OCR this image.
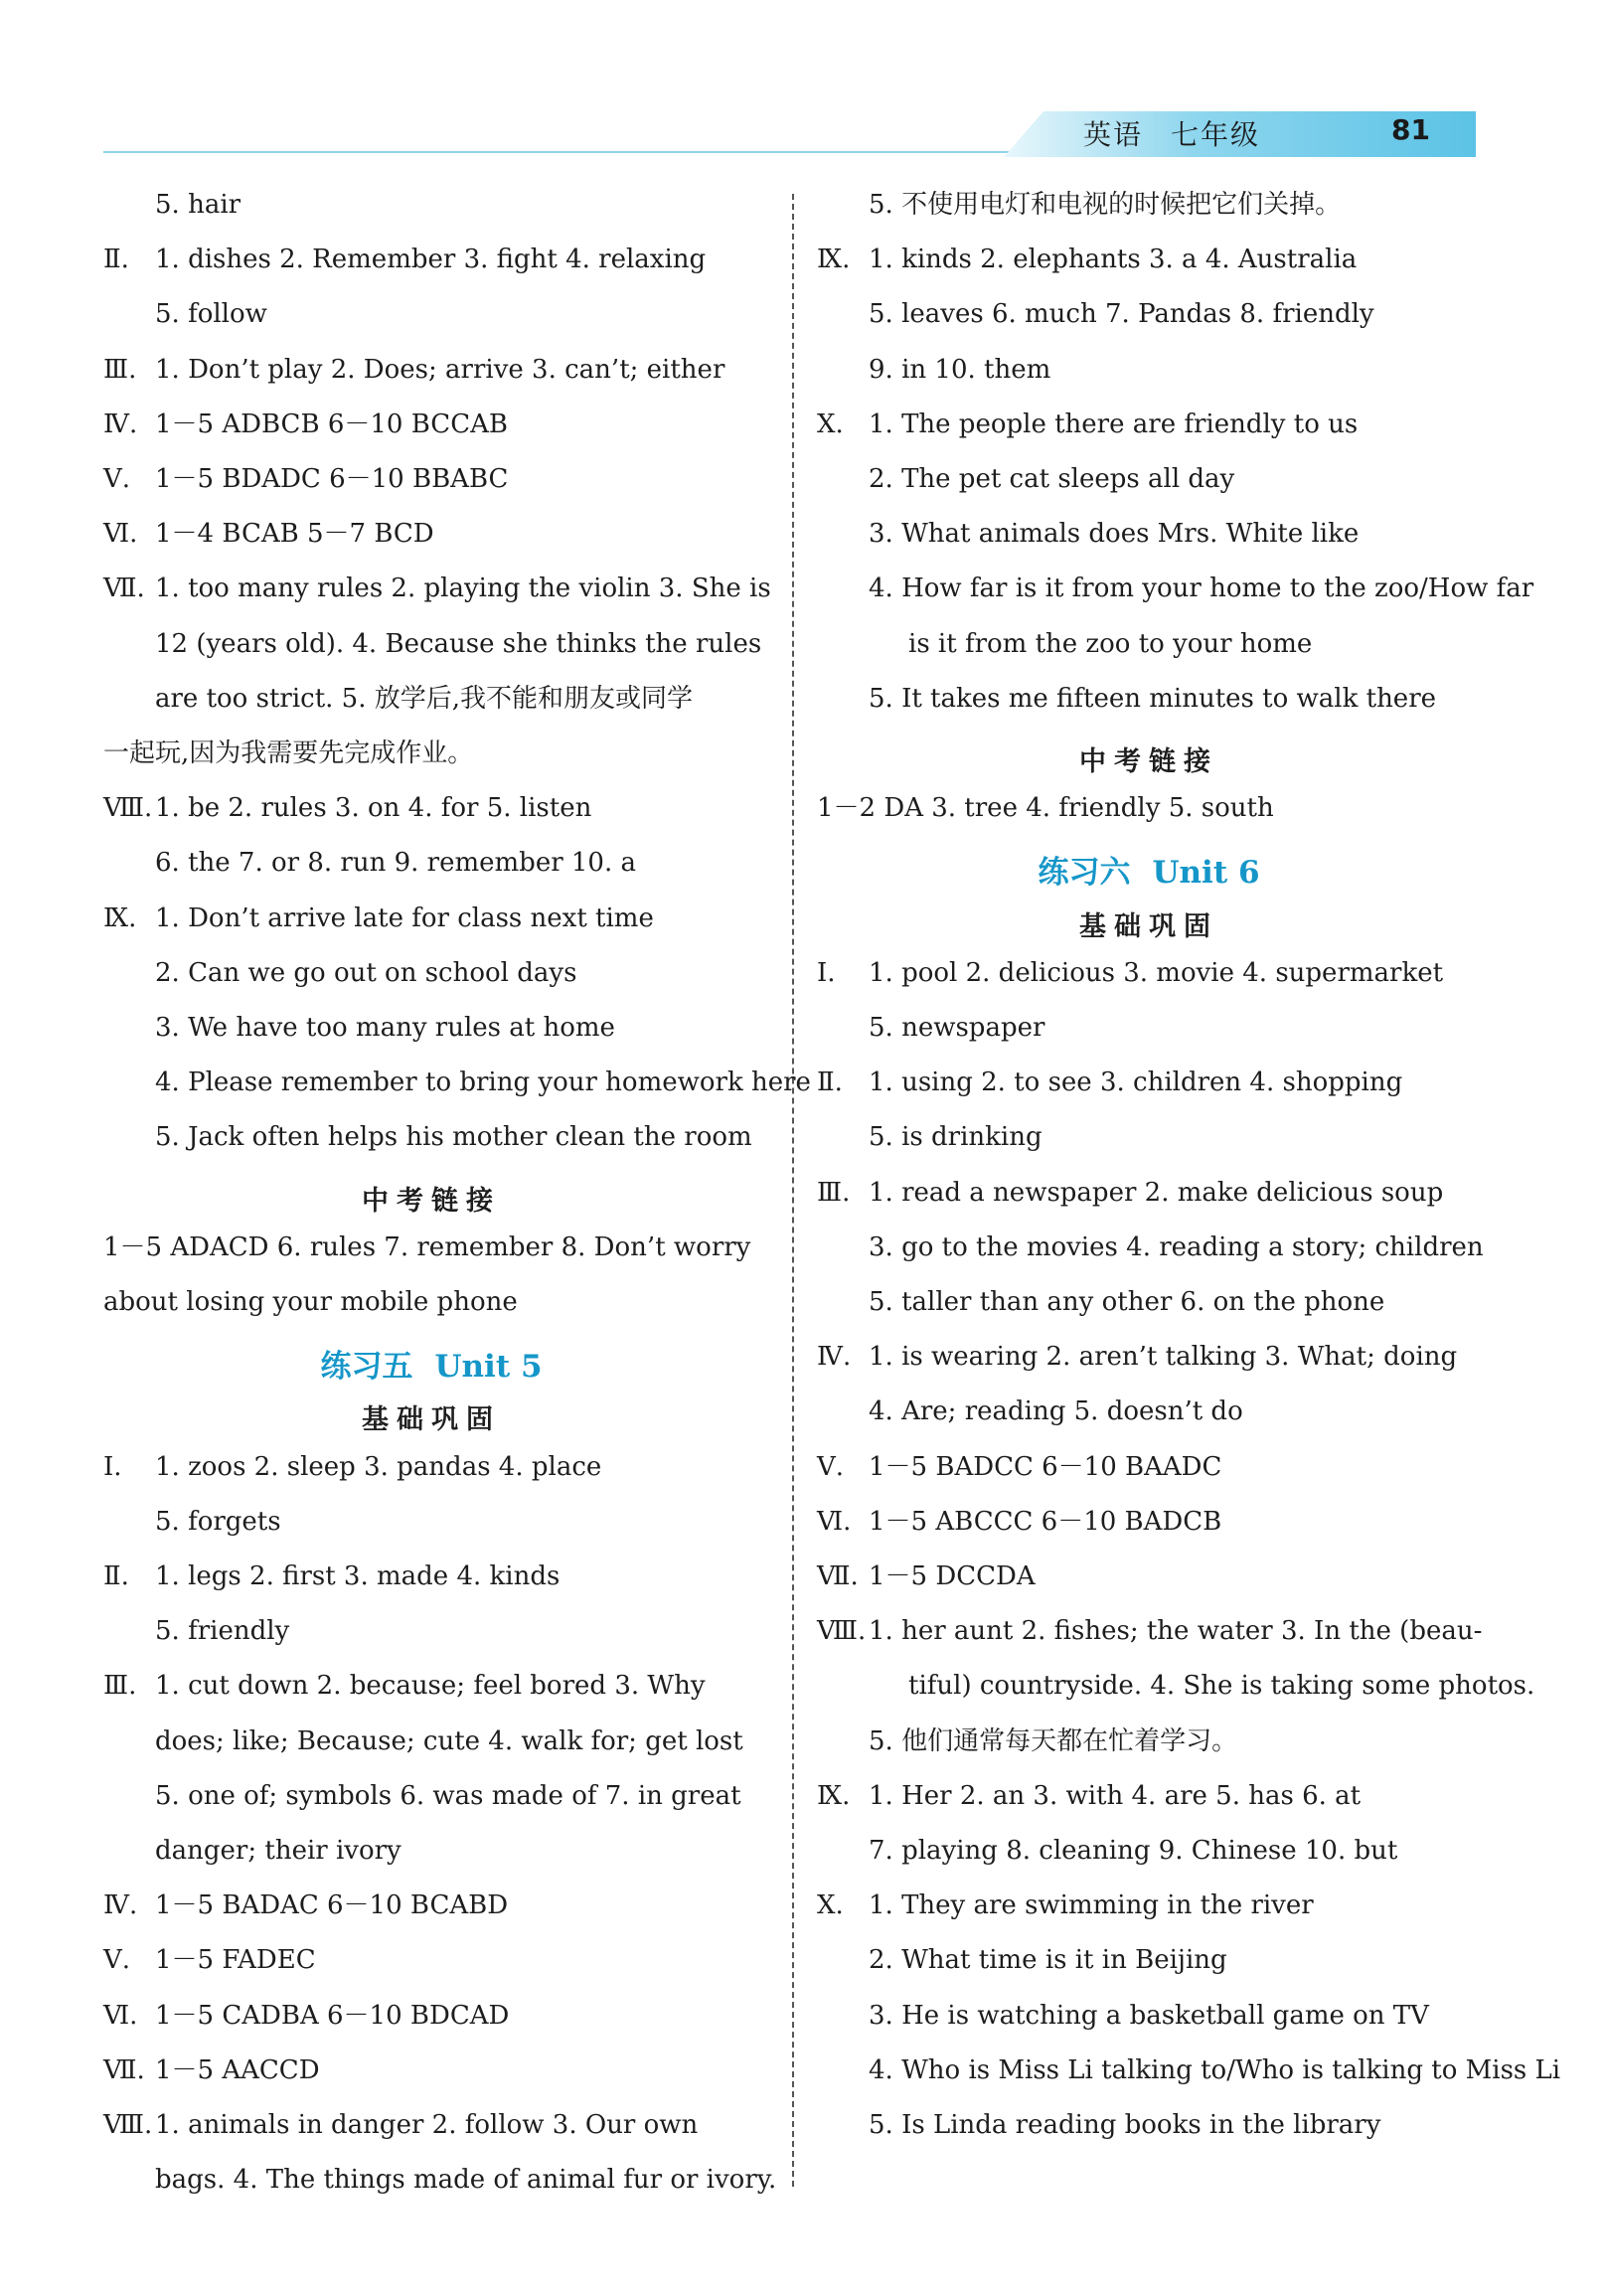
英语 七年级	81
5. hair
Ⅱ. 1. dishes 2. Remember 3. fight 4. relaxing
5. follow
Ⅲ. 1. Don’t play 2. Does; arrive 3. can’t; either
Ⅳ. 1－5 ADBCB 6－10 BCCAB
Ⅴ. 1－5 BDADC 6－10 BBABC
Ⅵ. 1－4 BCAB 5－7 BCD
Ⅶ. 1. too many rules 2. playing the violin 3. She is
12 (years old). 4. Because she thinks the rules
are too strict. 5. 放学后,我不能和朋友或同学
一起玩,因为我需要先完成作业。
Ⅷ. 1. be 2. rules 3. on 4. for 5. listen
6. the 7. or 8. run 9. remember 10. a
Ⅸ. 1. Don’t arrive late for class next time
2. Can we go out on school days
3. We have too many rules at home
4. Please remember to bring your homework here
5. Jack often helps his mother clean the room
中考链接
1－5 ADACD 6. rules 7. remember 8. Don’t worry
about losing your mobile phone
练习五 Unit 5
基础巩固
Ⅰ. 1. zoos 2. sleep 3. pandas 4. place
5. forgets
Ⅱ. 1. legs 2. first 3. made 4. kinds
5. friendly
Ⅲ. 1. cut down 2. because; feel bored 3. Why
does; like; Because; cute 4. walk for; get lost
5. one of; symbols 6. was made of 7. in great
danger; their ivory
Ⅳ. 1－5 BADAC 6－10 BCABD
Ⅴ. 1－5 FADEC
Ⅵ. 1－5 CADBA 6－10 BDCAD
Ⅶ. 1－5 AACCD
Ⅷ. 1. animals in danger 2. follow 3. Our own
bags. 4. The things made of animal fur or ivory.
5. 不使用电灯和电视的时候把它们关掉。
Ⅸ. 1. kinds 2. elephants 3. a 4. Australia
5. leaves 6. much 7. Pandas 8. friendly
9. in 10. them
Ⅹ. 1. The people there are friendly to us
2. The pet cat sleeps all day
3. What animals does Mrs. White like
4. How far is it from your home to the zoo/How far
is it from the zoo to your home
5. It takes me fifteen minutes to walk there
中考链接
1－2 DA 3. tree 4. friendly 5. south
练习六 Unit 6
基础巩固
Ⅰ. 1. pool 2. delicious 3. movie 4. supermarket
5. newspaper
Ⅱ. 1. using 2. to see 3. children 4. shopping
5. is drinking
Ⅲ. 1. read a newspaper 2. make delicious soup
3. go to the movies 4. reading a story; children
5. taller than any other 6. on the phone
Ⅳ. 1. is wearing 2. aren’t talking 3. What; doing
4. Are; reading 5. doesn’t do
Ⅴ. 1－5 BADCC 6－10 BAADC
Ⅵ. 1－5 ABCCC 6－10 BADCB
Ⅶ. 1－5 DCCDA
Ⅷ. 1. her aunt 2. fishes; the water 3. In the (beau-
tiful) countryside. 4. She is taking some photos.
5. 他们通常每天都在忙着学习。
Ⅸ. 1. Her 2. an 3. with 4. are 5. has 6. at
7. playing 8. cleaning 9. Chinese 10. but
Ⅹ. 1. They are swimming in the river
2. What time is it in Beijing
3. He is watching a basketball game on TV
4. Who is Miss Li talking to/Who is talking to Miss Li
5. Is Linda reading books in the library
